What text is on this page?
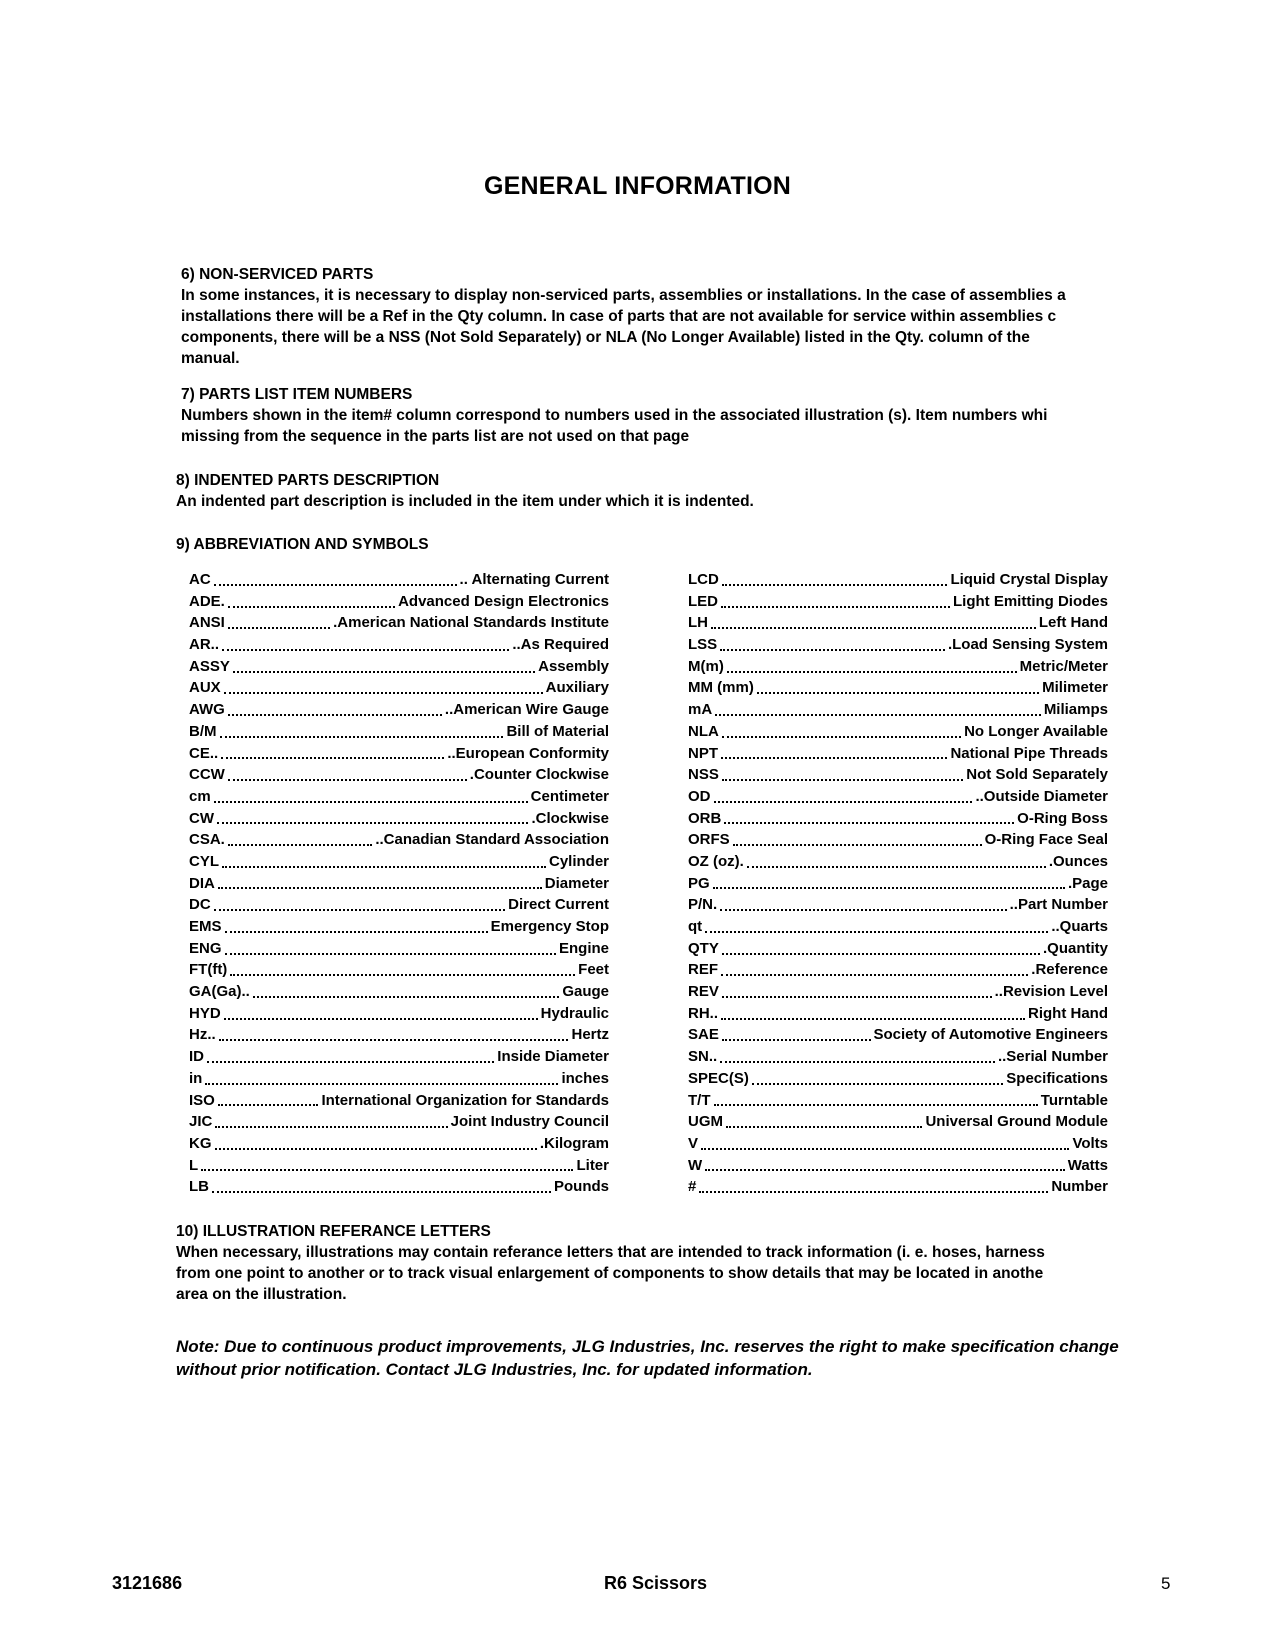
GENERAL INFORMATION
6) NON-SERVICED PARTS
In some instances, it is necessary to display non-serviced parts, assemblies or installations. In the case of assemblies a
installations there will be a Ref in the Qty column. In case of parts that are not available for service within assemblies c
components, there will be a NSS (Not Sold Separately) or NLA (No Longer Available) listed in the Qty. column of the
manual.
7) PARTS LIST ITEM NUMBERS
Numbers shown in the item# column correspond to numbers used in the associated illustration (s). Item numbers whi
missing from the sequence in the parts list are not used on that page
8) INDENTED PARTS DESCRIPTION
An indented part description is included in the item under which it is indented.
9) ABBREVIATION AND SYMBOLS
AC	.. Alternating Current
ADE.	Advanced Design Electronics
ANSI	.American National Standards Institute
AR..	..As Required
ASSY	Assembly
AUX	Auxiliary
AWG	..American Wire Gauge
B/M	Bill of Material
CE..	..European Conformity
CCW	.Counter Clockwise
cm	Centimeter
CW	.Clockwise
CSA.	..Canadian Standard Association
CYL	Cylinder
DIA	Diameter
DC	Direct Current
EMS	Emergency Stop
ENG	Engine
FT(ft)	Feet
GA(Ga)..	Gauge
HYD	Hydraulic
Hz..	Hertz
ID	Inside Diameter
in	inches
ISO	International Organization for Standards
JIC	Joint Industry Council
KG	.Kilogram
L	Liter
LB	Pounds
LCD	Liquid Crystal Display
LED	Light Emitting Diodes
LH	Left Hand
LSS	.Load Sensing System
M(m)	Metric/Meter
MM (mm)	Milimeter
mA	Miliamps
NLA	No Longer Available
NPT	National Pipe Threads
NSS	Not Sold Separately
OD	..Outside Diameter
ORB	O-Ring Boss
ORFS	O-Ring Face Seal
OZ (oz).	.Ounces
PG	.Page
P/N.	..Part Number
qt	..Quarts
QTY	.Quantity
REF	.Reference
REV	..Revision Level
RH..	Right Hand
SAE	Society of Automotive Engineers
SN..	..Serial Number
SPEC(S)	Specifications
T/T	Turntable
UGM	Universal Ground Module
V	Volts
W	Watts
#	Number
10) ILLUSTRATION REFERANCE LETTERS
When necessary, illustrations may contain referance letters that are intended to track information (i. e. hoses, harness
from one point to another or to track visual enlargement of components to show details that may be located in anothe
area on the illustration.
Note: Due to continuous product improvements, JLG Industries, Inc. reserves the right to make specification change
without prior notification. Contact JLG Industries, Inc. for updated information.
3121686	R6 Scissors	5
